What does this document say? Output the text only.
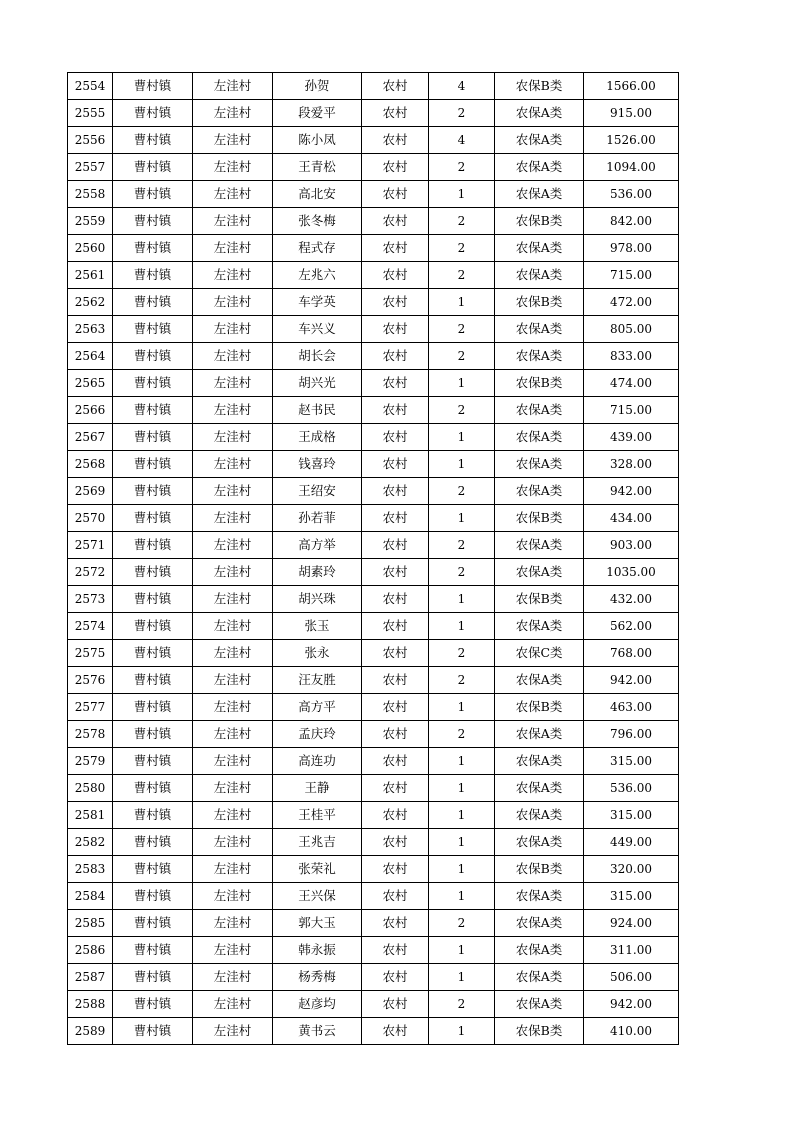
2554	曹村镇	左洼村	孙贺	农村	4	农保B类	1566.00
2555	曹村镇	左洼村	段爱平	农村	2	农保A类	915.00
2556	曹村镇	左洼村	陈小凤	农村	4	农保A类	1526.00
2557	曹村镇	左洼村	王青松	农村	2	农保A类	1094.00
2558	曹村镇	左洼村	高北安	农村	1	农保A类	536.00
2559	曹村镇	左洼村	张冬梅	农村	2	农保B类	842.00
2560	曹村镇	左洼村	程式存	农村	2	农保A类	978.00
2561	曹村镇	左洼村	左兆六	农村	2	农保A类	715.00
2562	曹村镇	左洼村	车学英	农村	1	农保B类	472.00
2563	曹村镇	左洼村	车兴义	农村	2	农保A类	805.00
2564	曹村镇	左洼村	胡长会	农村	2	农保A类	833.00
2565	曹村镇	左洼村	胡兴光	农村	1	农保B类	474.00
2566	曹村镇	左洼村	赵书民	农村	2	农保A类	715.00
2567	曹村镇	左洼村	王成格	农村	1	农保A类	439.00
2568	曹村镇	左洼村	钱喜玲	农村	1	农保A类	328.00
2569	曹村镇	左洼村	王绍安	农村	2	农保A类	942.00
2570	曹村镇	左洼村	孙若菲	农村	1	农保B类	434.00
2571	曹村镇	左洼村	高方举	农村	2	农保A类	903.00
2572	曹村镇	左洼村	胡素玲	农村	2	农保A类	1035.00
2573	曹村镇	左洼村	胡兴珠	农村	1	农保B类	432.00
2574	曹村镇	左洼村	张玉	农村	1	农保A类	562.00
2575	曹村镇	左洼村	张永	农村	2	农保C类	768.00
2576	曹村镇	左洼村	汪友胜	农村	2	农保A类	942.00
2577	曹村镇	左洼村	高方平	农村	1	农保B类	463.00
2578	曹村镇	左洼村	孟庆玲	农村	2	农保A类	796.00
2579	曹村镇	左洼村	高连功	农村	1	农保A类	315.00
2580	曹村镇	左洼村	王静	农村	1	农保A类	536.00
2581	曹村镇	左洼村	王桂平	农村	1	农保A类	315.00
2582	曹村镇	左洼村	王兆吉	农村	1	农保A类	449.00
2583	曹村镇	左洼村	张荣礼	农村	1	农保B类	320.00
2584	曹村镇	左洼村	王兴保	农村	1	农保A类	315.00
2585	曹村镇	左洼村	郭大玉	农村	2	农保A类	924.00
2586	曹村镇	左洼村	韩永振	农村	1	农保A类	311.00
2587	曹村镇	左洼村	杨秀梅	农村	1	农保A类	506.00
2588	曹村镇	左洼村	赵彦均	农村	2	农保A类	942.00
2589	曹村镇	左洼村	黄书云	农村	1	农保B类	410.00
